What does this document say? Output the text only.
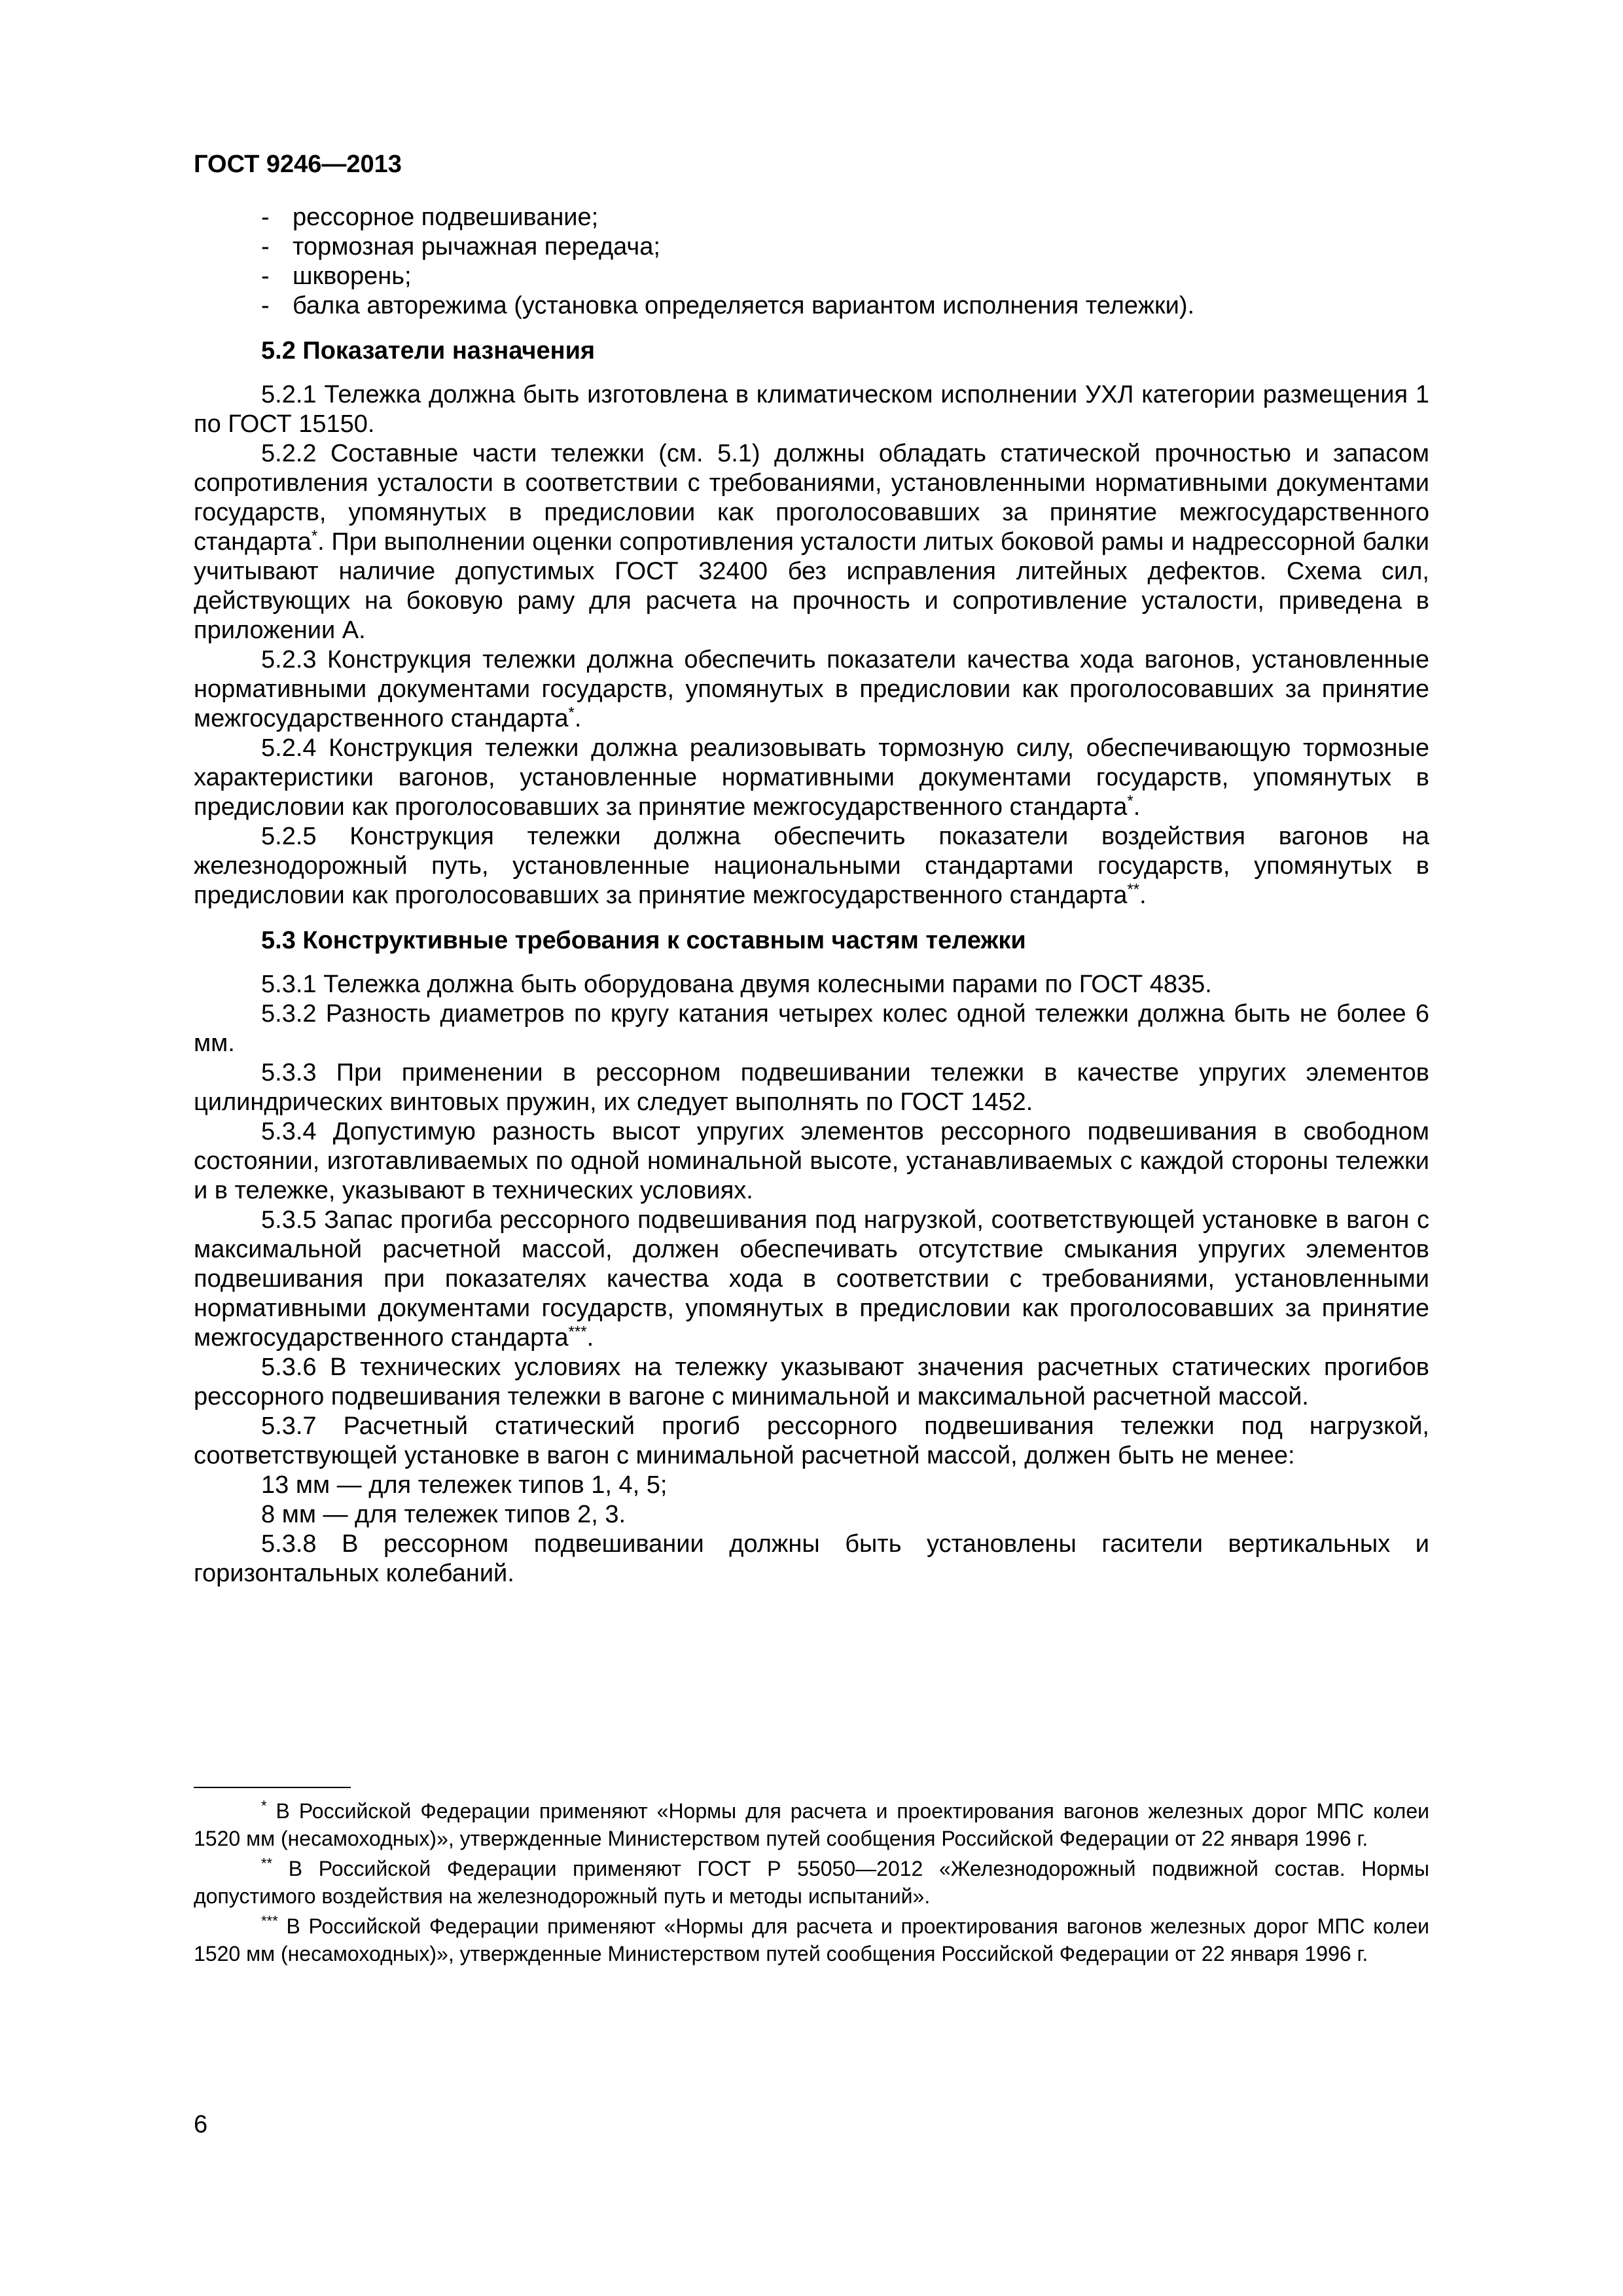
ГОСТ 9246—2013
- рессорное подвешивание;
- тормозная рычажная передача;
- шкворень;
- балка авторежима (установка определяется вариантом исполнения тележки).
5.2 Показатели назначения

5.2.1 Тележка должна быть изготовлена в климатическом исполнении УХЛ категории размещения 1 по ГОСТ 15150.

5.2.2 Составные части тележки (см. 5.1) должны обладать статической прочностью и запасом сопротивления усталости в соответствии с требованиями, установленными нормативными документами государств, упомянутых в предисловии как проголосовавших за принятие межгосударственного стандарта*. При выполнении оценки сопротивления усталости литых боковой рамы и надрессорной балки учитывают наличие допустимых ГОСТ 32400 без исправления литейных дефектов. Схема сил, действующих на боковую раму для расчета на прочность и сопротивление усталости, приведена в приложении А.

5.2.3 Конструкция тележки должна обеспечить показатели качества хода вагонов, установленные нормативными документами государств, упомянутых в предисловии как проголосовавших за принятие межгосударственного стандарта*.

5.2.4 Конструкция тележки должна реализовывать тормозную силу, обеспечивающую тормозные характеристики вагонов, установленные нормативными документами государств, упомянутых в предисловии как проголосовавших за принятие межгосударственного стандарта*.

5.2.5 Конструкция тележки должна обеспечить показатели воздействия вагонов на железнодорожный путь, установленные национальными стандартами государств, упомянутых в предисловии как проголосовавших за принятие межгосударственного стандарта**.

5.3 Конструктивные требования к составным частям тележки

5.3.1 Тележка должна быть оборудована двумя колесными парами по ГОСТ 4835.

5.3.2 Разность диаметров по кругу катания четырех колес одной тележки должна быть не более 6 мм.

5.3.3 При применении в рессорном подвешивании тележки в качестве упругих элементов цилиндрических винтовых пружин, их следует выполнять по ГОСТ 1452.

5.3.4 Допустимую разность высот упругих элементов рессорного подвешивания в свободном состоянии, изготавливаемых по одной номинальной высоте, устанавливаемых с каждой стороны тележки и в тележке, указывают в технических условиях.

5.3.5 Запас прогиба рессорного подвешивания под нагрузкой, соответствующей установке в вагон с максимальной расчетной массой, должен обеспечивать отсутствие смыкания упругих элементов подвешивания при показателях качества хода в соответствии с требованиями, установленными нормативными документами государств, упомянутых в предисловии как проголосовавших за принятие межгосударственного стандарта***.

5.3.6 В технических условиях на тележку указывают значения расчетных статических прогибов рессорного подвешивания тележки в вагоне с минимальной и максимальной расчетной массой.

5.3.7 Расчетный статический прогиб рессорного подвешивания тележки под нагрузкой, соответствующей установке в вагон с минимальной расчетной массой, должен быть не менее:

13 мм — для тележек типов 1, 4, 5;
8 мм — для тележек типов 2, 3.

5.3.8 В рессорном подвешивании должны быть установлены гасители вертикальных и горизонтальных колебаний.

* В Российской Федерации применяют «Нормы для расчета и проектирования вагонов железных дорог МПС колеи 1520 мм (несамоходных)», утвержденные Министерством путей сообщения Российской Федерации от 22 января 1996 г.

** В Российской Федерации применяют ГОСТ Р 55050—2012 «Железнодорожный подвижной состав. Нормы допустимого воздействия на железнодорожный путь и методы испытаний».

*** В Российской Федерации применяют «Нормы для расчета и проектирования вагонов железных дорог МПС колеи 1520 мм (несамоходных)», утвержденные Министерством путей сообщения Российской Федерации от 22 января 1996 г.

6
